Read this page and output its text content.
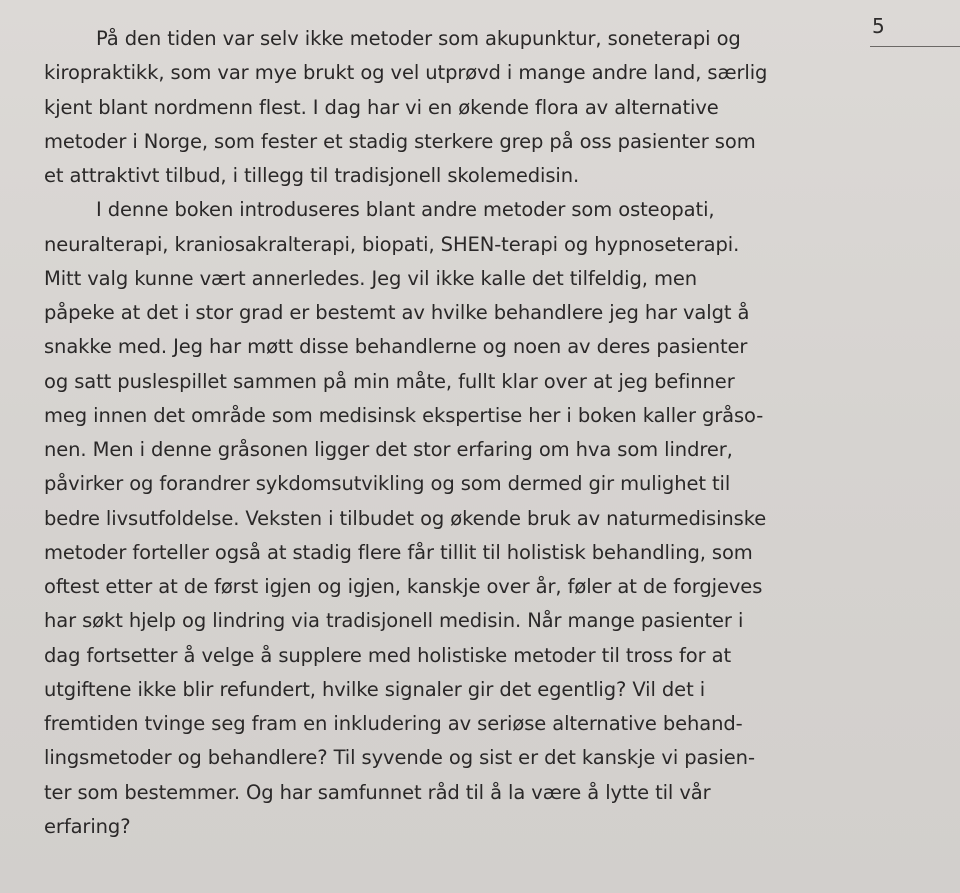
5
På den tiden var selv ikke metoder som akupunktur, soneterapi og
kiropraktikk, som var mye brukt og vel utprøvd i mange andre land, særlig
kjent blant nordmenn flest. I dag har vi en økende flora av alternative
metoder i Norge, som fester et stadig sterkere grep på oss pasienter som
et attraktivt tilbud, i tillegg til tradisjonell skolemedisin.
I denne boken introduseres blant andre metoder som osteopati,
neuralterapi, kraniosakralterapi, biopati, SHEN-terapi og hypnoseterapi.
Mitt valg kunne vært annerledes. Jeg vil ikke kalle det tilfeldig, men
påpeke at det i stor grad er bestemt av hvilke behandlere jeg har valgt å
snakke med. Jeg har møtt disse behandlerne og noen av deres pasienter
og satt puslespillet sammen på min måte, fullt klar over at jeg befinner
meg innen det område som medisinsk ekspertise her i boken kaller gråso-
nen. Men i denne gråsonen ligger det stor erfaring om hva som lindrer,
påvirker og forandrer sykdomsutvikling og som dermed gir mulighet til
bedre livsutfoldelse. Veksten i tilbudet og økende bruk av naturmedisinske
metoder forteller også at stadig flere får tillit til holistisk behandling, som
oftest etter at de først igjen og igjen, kanskje over år, føler at de forgjeves
har søkt hjelp og lindring via tradisjonell medisin. Når mange pasienter i
dag fortsetter å velge å supplere med holistiske metoder til tross for at
utgiftene ikke blir refundert, hvilke signaler gir det egentlig? Vil det i
fremtiden tvinge seg fram en inkludering av seriøse alternative behand-
lingsmetoder og behandlere? Til syvende og sist er det kanskje vi pasien-
ter som bestemmer. Og har samfunnet råd til å la være å lytte til vår
erfaring?
